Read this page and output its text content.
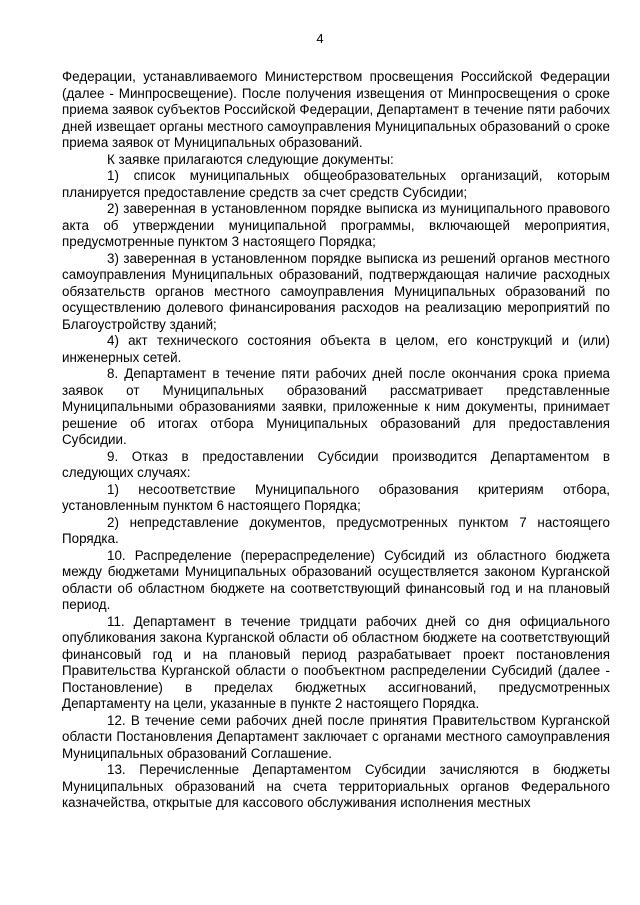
4

Федерации, устанавливаемого Министерством просвещения Российской Федерации (далее - Минпросвещение). После получения извещения от Минпросвещения о сроке приема заявок субъектов Российской Федерации, Департамент в течение пяти рабочих дней извещает органы местного самоуправления Муниципальных образований о сроке приема заявок от Муниципальных образований.

К заявке прилагаются следующие документы:

1) список муниципальных общеобразовательных организаций, которым планируется предоставление средств за счет средств Субсидии;

2) заверенная в установленном порядке выписка из муниципального правового акта об утверждении муниципальной программы, включающей мероприятия, предусмотренные пунктом 3 настоящего Порядка;

3) заверенная в установленном порядке выписка из решений органов местного самоуправления Муниципальных образований, подтверждающая наличие расходных обязательств органов местного самоуправления Муниципальных образований по осуществлению долевого финансирования расходов на реализацию мероприятий по Благоустройству зданий;

4) акт технического состояния объекта в целом, его конструкций и (или) инженерных сетей.

8. Департамент в течение пяти рабочих дней после окончания срока приема заявок от Муниципальных образований рассматривает представленные Муниципальными образованиями заявки, приложенные к ним документы, принимает решение об итогах отбора Муниципальных образований для предоставления Субсидии.

9. Отказ в предоставлении Субсидии производится Департаментом в следующих случаях:

1) несоответствие Муниципального образования критериям отбора, установленным пунктом 6 настоящего Порядка;

2) непредставление документов, предусмотренных пунктом 7 настоящего Порядка.

10. Распределение (перераспределение) Субсидий из областного бюджета между бюджетами Муниципальных образований осуществляется законом Курганской области об областном бюджете на соответствующий финансовый год и на плановый период.

11. Департамент в течение тридцати рабочих дней со дня официального опубликования закона Курганской области об областном бюджете на соответствующий финансовый год и на плановый период разрабатывает проект постановления Правительства Курганской области о пообъектном распределении Субсидий (далее - Постановление) в пределах бюджетных ассигнований, предусмотренных Департаменту на цели, указанные в пункте 2 настоящего Порядка.

12. В течение семи рабочих дней после принятия Правительством Курганской области Постановления Департамент заключает с органами местного самоуправления Муниципальных образований Соглашение.

13. Перечисленные Департаментом Субсидии зачисляются в бюджеты Муниципальных образований на счета территориальных органов Федерального казначейства, открытые для кассового обслуживания исполнения местных
